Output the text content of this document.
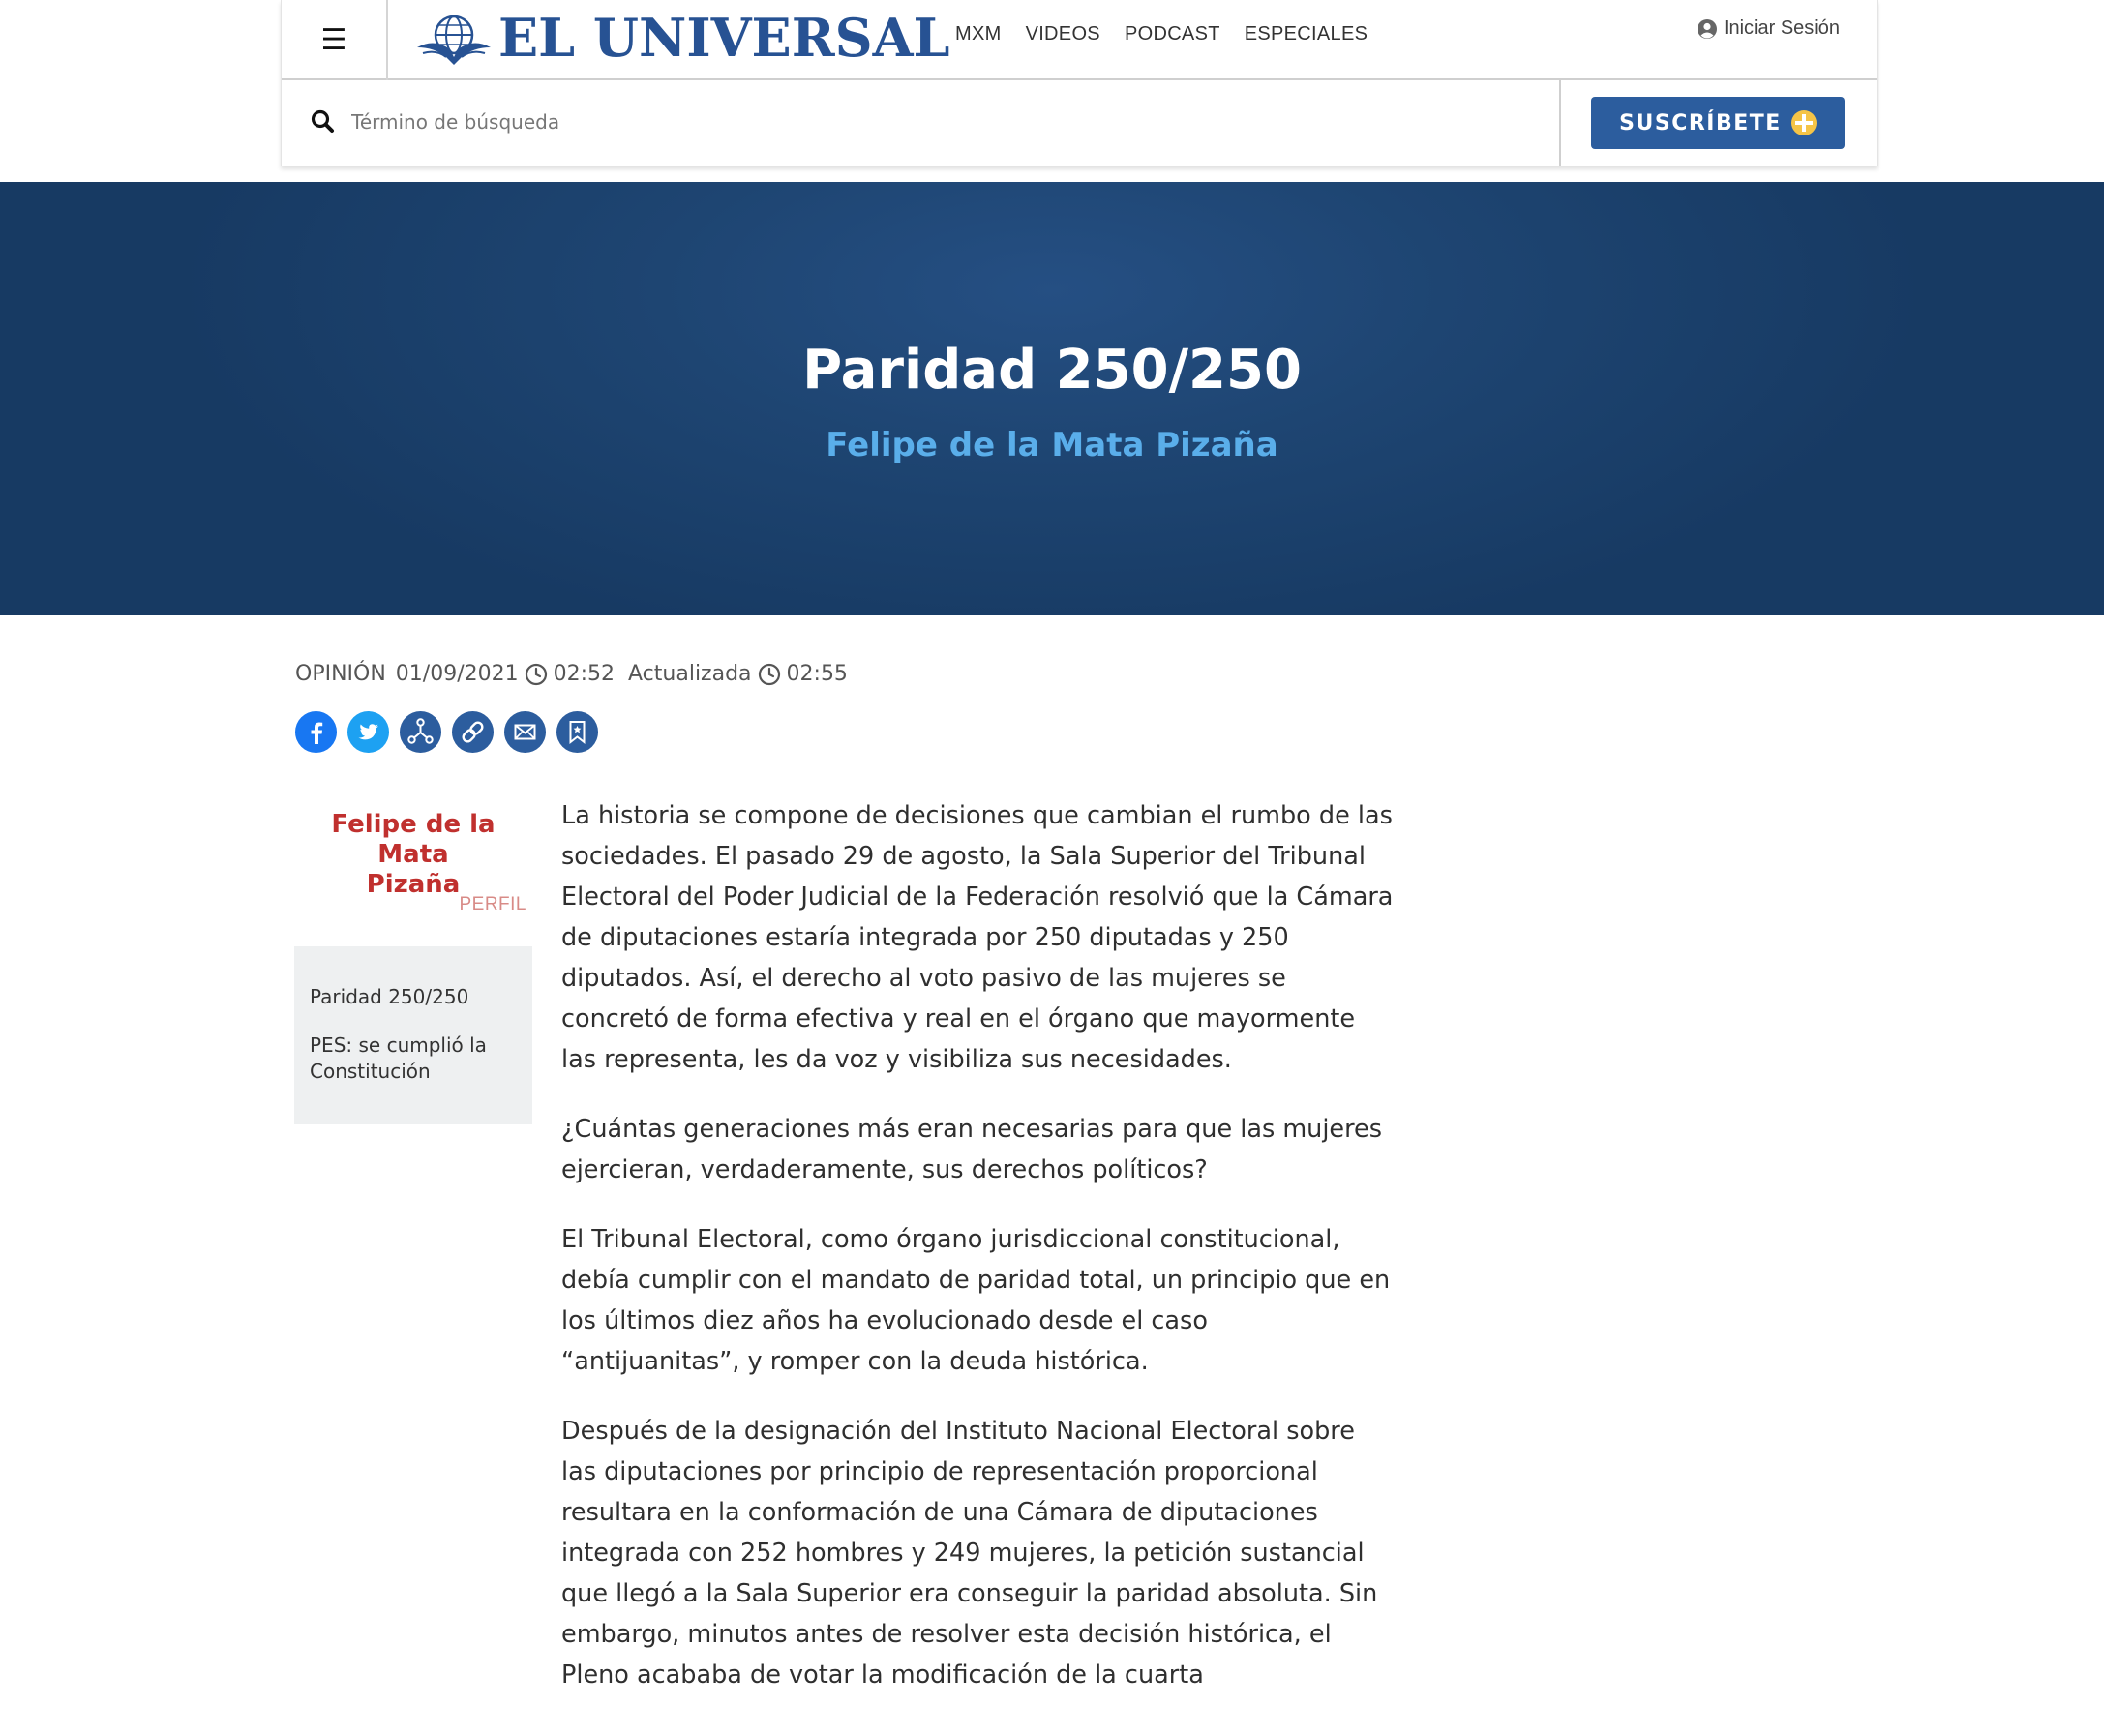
☰	EL UNIVERSAL MXM VIDEOS PODCAST ESPECIALES	Iniciar Sesión
Término de búsqueda
SUSCRÍBETE
Paridad 250/250
Felipe de la Mata Pizaña
OPINIÓN 01/09/2021 02:52 Actualizada 02:55
Felipe de la Mata
Pizaña
PERFIL
Paridad 250/250
PES: se cumplió la Constitución

La historia se compone de decisiones que cambian el rumbo de las sociedades. El pasado 29 de agosto, la Sala Superior del Tribunal Electoral del Poder Judicial de la Federación resolvió que la Cámara de diputaciones estaría integrada por 250 diputadas y 250 diputados. Así, el derecho al voto pasivo de las mujeres se concretó de forma efectiva y real en el órgano que mayormente las representa, les da voz y visibiliza sus necesidades.

¿Cuántas generaciones más eran necesarias para que las mujeres ejercieran, verdaderamente, sus derechos políticos?

El Tribunal Electoral, como órgano jurisdiccional constitucional, debía cumplir con el mandato de paridad total, un principio que en los últimos diez años ha evolucionado desde el caso “antijuanitas”, y romper con la deuda histórica.

Después de la designación del Instituto Nacional Electoral sobre las diputaciones por principio de representación proporcional resultara en la conformación de una Cámara de diputaciones integrada con 252 hombres y 249 mujeres, la petición sustancial que llegó a la Sala Superior era conseguir la paridad absoluta. Sin embargo, minutos antes de resolver esta decisión histórica, el Pleno acababa de votar la modificación de la cuarta
